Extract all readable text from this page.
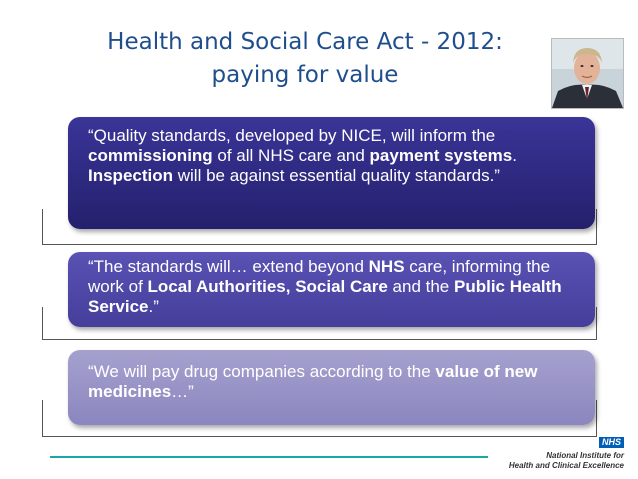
Health and Social Care Act - 2012:
paying for value
“Quality standards, developed by NICE, will inform the commissioning of all NHS care and payment systems. Inspection will be against essential quality standards.”
“The standards will… extend beyond NHS care, informing the work of Local Authorities, Social Care and the Public Health Service.”
“We will pay drug companies according to the value of new medicines…”
NHS
National Institute for
Health and Clinical Excellence
